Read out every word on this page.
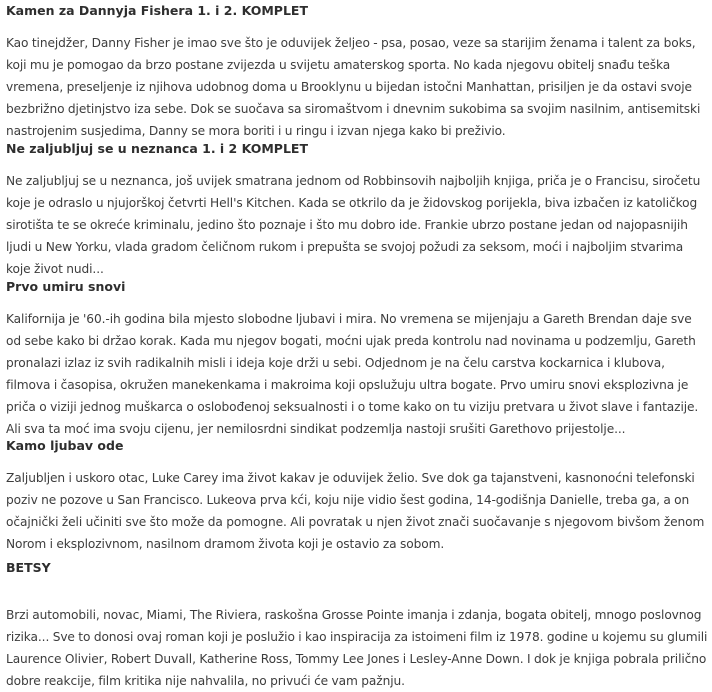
Kamen za Dannyja Fishera 1. i 2. KOMPLET

Kao tinejdžer, Danny Fisher je imao sve što je oduvijek željeo - psa, posao, veze sa starijim ženama i talent za boks, koji mu je pomogao da brzo postane zvijezda u svijetu amaterskog sporta. No kada njegovu obitelj snađu teška vremena, preseljenje iz njihova udobnog doma u Brooklynu u bijedan istočni Manhattan, prisiljen je da ostavi svoje bezbrižno djetinjstvo iza sebe. Dok se suočava sa siromaštvom i dnevnim sukobima sa svojim nasilnim, antisemitski nastrojenim susjedima, Danny se mora boriti i u ringu i izvan njega kako bi preživio.

Ne zaljubljuj se u neznanca 1. i 2 KOMPLET

Ne zaljubljuj se u neznanca, još uvijek smatrana jednom od Robbinsovih najboljih knjiga, priča je o Francisu, siročetu koje je odraslo u njujorškoj četvrti Hell's Kitchen. Kada se otkrilo da je židovskog porijekla, biva izbačen iz katoličkog sirotišta te se okreće kriminalu, jedino što poznaje i što mu dobro ide. Frankie ubrzo postane jedan od najopasnijih ljudi u New Yorku, vlada gradom čeličnom rukom i prepušta se svojoj požudi za seksom, moći i najboljim stvarima koje život nudi...

Prvo umiru snovi

Kalifornija je '60.-ih godina bila mjesto slobodne ljubavi i mira. No vremena se mijenjaju a Gareth Brendan daje sve od sebe kako bi držao korak. Kada mu njegov bogati, moćni ujak preda kontrolu nad novinama u podzemlju, Gareth pronalazi izlaz iz svih radikalnih misli i ideja koje drži u sebi. Odjednom je na čelu carstva kockarnica i klubova, filmova i časopisa, okružen manekenkama i makroima koji opslužuju ultra bogate. Prvo umiru snovi eksplozivna je priča o viziji jednog muškarca o oslobođenoj seksualnosti i o tome kako on tu viziju pretvara u život slave i fantazije. Ali sva ta moć ima svoju cijenu, jer nemilosrdni sindikat podzemlja nastoji srušiti Garethovo prijestolje...

Kamo ljubav ode

Zaljubljen i uskoro otac, Luke Carey ima život kakav je oduvijek želio. Sve dok ga tajanstveni, kasnonoćni telefonski poziv ne pozove u San Francisco. Lukeova prva kći, koju nije vidio šest godina, 14-godišnja Danielle, treba ga, a on očajnički želi učiniti sve što može da pomogne. Ali povratak u njen život znači suočavanje s njegovom bivšom ženom Norom i eksplozivnom, nasilnom dramom života koji je ostavio za sobom.

BETSY

Brzi automobili, novac, Miami, The Riviera, raskošna Grosse Pointe imanja i zdanja, bogata obitelj, mnogo poslovnog rizika... Sve to donosi ovaj roman koji je poslužio i kao inspiracija za istoimeni film iz 1978. godine u kojemu su glumili Laurence Olivier, Robert Duvall, Katherine Ross, Tommy Lee Jones i Lesley-Anne Down. I dok je knjiga pobrala prilično dobre reakcije, film kritika nije nahvalila, no privući će vam pažnju.
